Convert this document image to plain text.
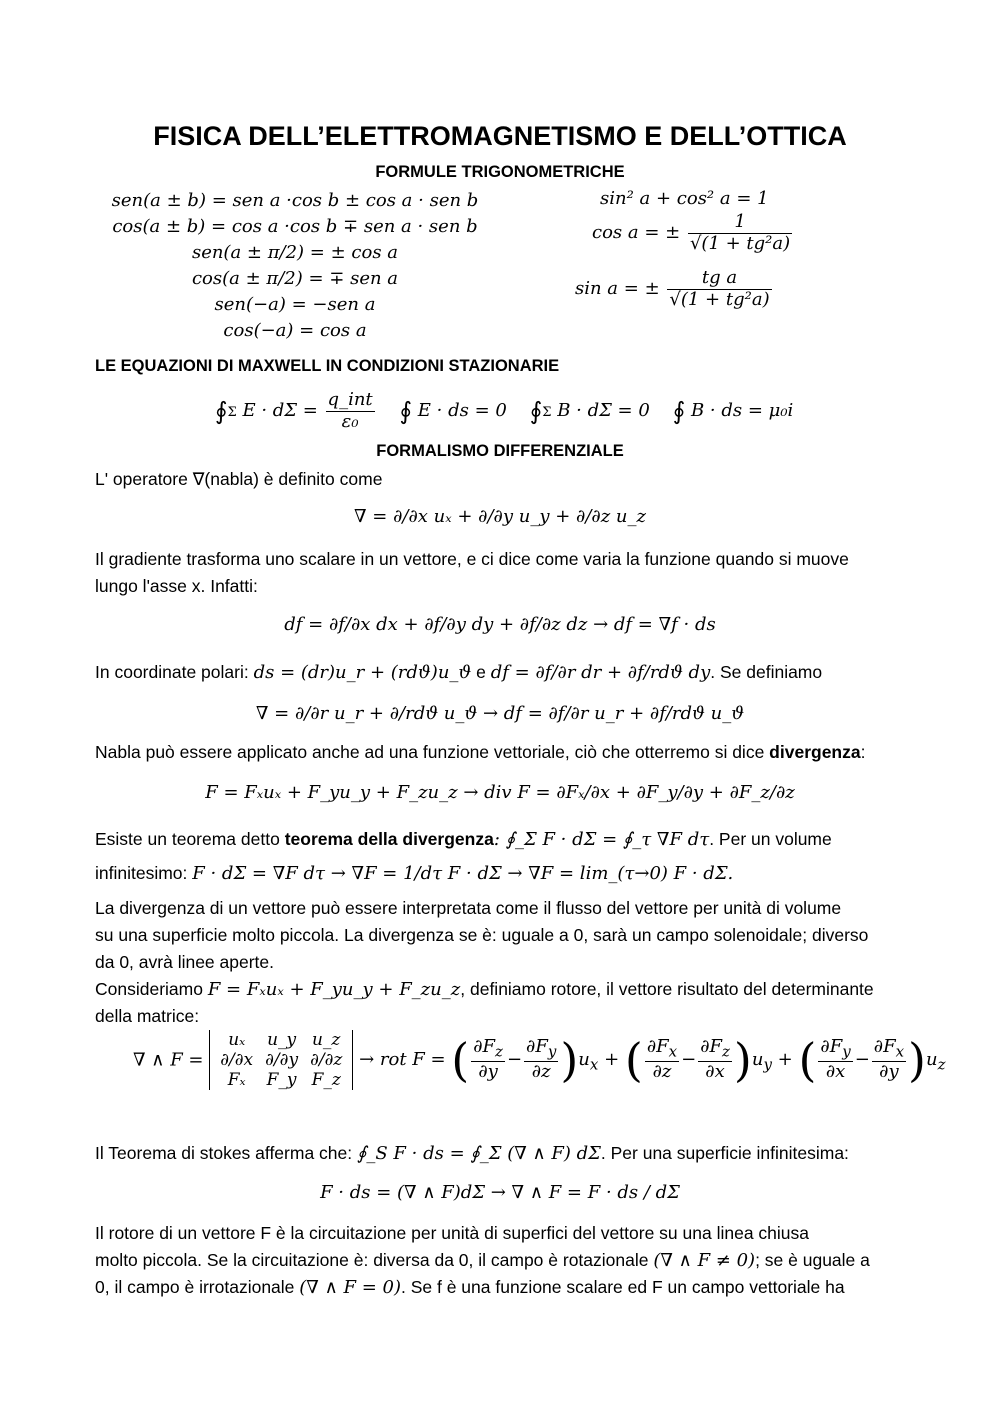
FISICA DELL’ELETTROMAGNETISMO E DELL’OTTICA
FORMULE TRIGONOMETRICHE
sen(a ± b) = sen a ·cos b ± cos a · sen b
cos(a ± b) = cos a ·cos b ∓ sen a · sen b
sen(a ± π/2) = ± cos a
cos(a ± π/2) = ∓ sen a
sen(−a) = −sen a
cos(−a) = cos a
sin² a + cos² a = 1
cos a = ± $\frac{1}{\text{√(1 + tg²a)}}$
sin a = ± $\frac{\text{tg a}}{\text{√(1 + tg²a)}}$
LE EQUAZIONI DI MAXWELL IN CONDIZIONI STAZIONARIE
∮Σ $E \cdot d\Sigma = \frac{\text{q\_int}}{\text{ε₀}}$ ∮ E · ds = 0 ∮Σ B · dΣ = 0 ∮ B · ds = μ₀i
FORMALISMO DIFFERENZIALE
L' operatore ∇(nabla) è definito come
∇ = ∂/∂x uₓ + ∂/∂y u_y + ∂/∂z u_z
Il gradiente trasforma uno scalare in un vettore, e ci dice come varia la funzione quando si muove
lungo l'asse x. Infatti:
df = ∂f/∂x dx + ∂f/∂y dy + ∂f/∂z dz → df = ∇f · ds
In coordinate polari: ds = (dr)u_r + (rdϑ)u_ϑ e df = ∂f/∂r dr + ∂f/rdϑ dy. Se definiamo
∇ = ∂/∂r u_r + ∂/rdϑ u_ϑ → df = ∂f/∂r u_r + ∂f/rdϑ u_ϑ
Nabla può essere applicato anche ad una funzione vettoriale, ciò che otterremo si dice divergenza:
F = Fₓuₓ + F_yu_y + F_zu_z → div F = ∂Fₓ/∂x + ∂F_y/∂y + ∂F_z/∂z
Esiste un teorema detto teorema della divergenza: ∮_Σ F · dΣ = ∮_τ ∇F dτ. Per un volume
infinitesimo: F · dΣ = ∇F dτ → ∇F = 1/dτ F · dΣ → ∇F = lim_(τ→0) F · dΣ.
La divergenza di un vettore può essere interpretata come il flusso del vettore per unità di volume
su una superficie molto piccola. La divergenza se è: uguale a 0, sarà un campo solenoidale; diverso
da 0, avrà linee aperte.
Consideriamo F = Fₓuₓ + F_yu_y + F_zu_z, definiamo rotore, il vettore risultato del determinante
della matrice:
∇ ∧ F =
uₓ	u_y	u_z
∂/∂x	∂/∂y	∂/∂z
Fₓ	F_y	F_z
→ rot F = ( $\frac{\partial F_z}{\partial y} - \frac{\partial F_y}{\partial z} )u_x$ + ( $\frac{\partial F_x}{\partial z} - \frac{\partial F_z}{\partial x} )u_y$ + ( $\frac{\partial F_y}{\partial x} - \frac{\partial F_x}{\partial y} )u_z$
Il Teorema di stokes afferma che: ∮_S F · ds = ∮_Σ (∇ ∧ F) dΣ. Per una superficie infinitesima:
F · ds = (∇ ∧ F)dΣ → ∇ ∧ F = F · ds / dΣ
Il rotore di un vettore F è la circuitazione per unità di superfici del vettore su una linea chiusa
molto piccola. Se la circuitazione è: diversa da 0, il campo è rotazionale (∇ ∧ F ≠ 0); se è uguale a
0, il campo è irrotazionale (∇ ∧ F = 0). Se f è una funzione scalare ed F un campo vettoriale ha
